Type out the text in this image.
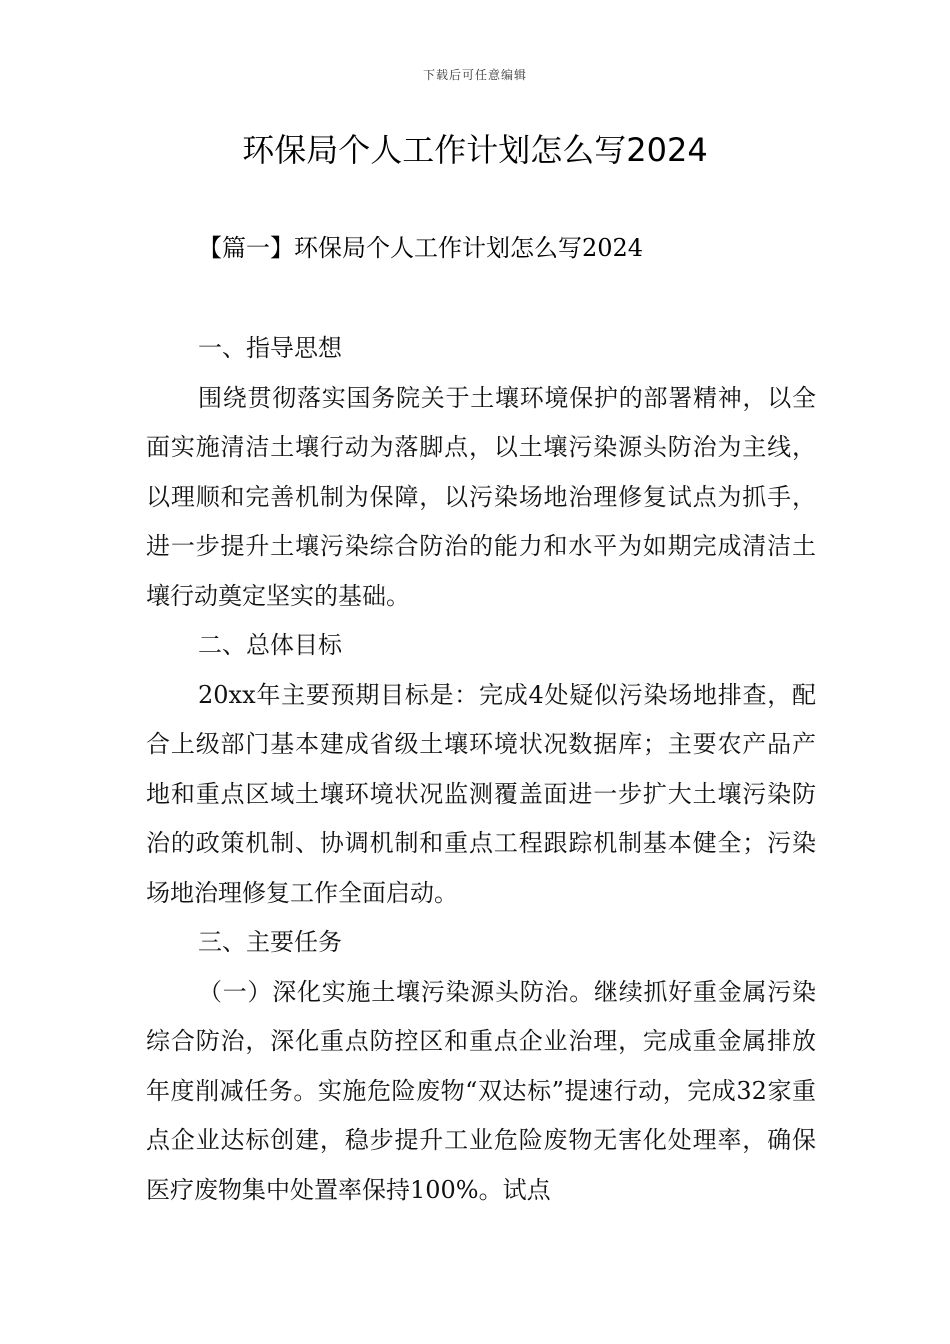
下载后可任意编辑
环保局个人工作计划怎么写2024
【篇一】环保局个人工作计划怎么写2024

一、指导思想

围绕贯彻落实国务院关于土壤环境保护的部署精神，以全面实施清洁土壤行动为落脚点，以土壤污染源头防治为主线，以理顺和完善机制为保障，以污染场地治理修复试点为抓手，进一步提升土壤污染综合防治的能力和水平为如期完成清洁土壤行动奠定坚实的基础。

二、总体目标

20xx年主要预期目标是：完成4处疑似污染场地排查，配合上级部门基本建成省级土壤环境状况数据库；主要农产品产地和重点区域土壤环境状况监测覆盖面进一步扩大土壤污染防治的政策机制、协调机制和重点工程跟踪机制基本健全；污染场地治理修复工作全面启动。

三、主要任务

（一）深化实施土壤污染源头防治。继续抓好重金属污染综合防治，深化重点防控区和重点企业治理，完成重金属排放年度削减任务。实施危险废物“双达标”提速行动，完成32家重点企业达标创建，稳步提升工业危险废物无害化处理率，确保医疗废物集中处置率保持100%。试点
